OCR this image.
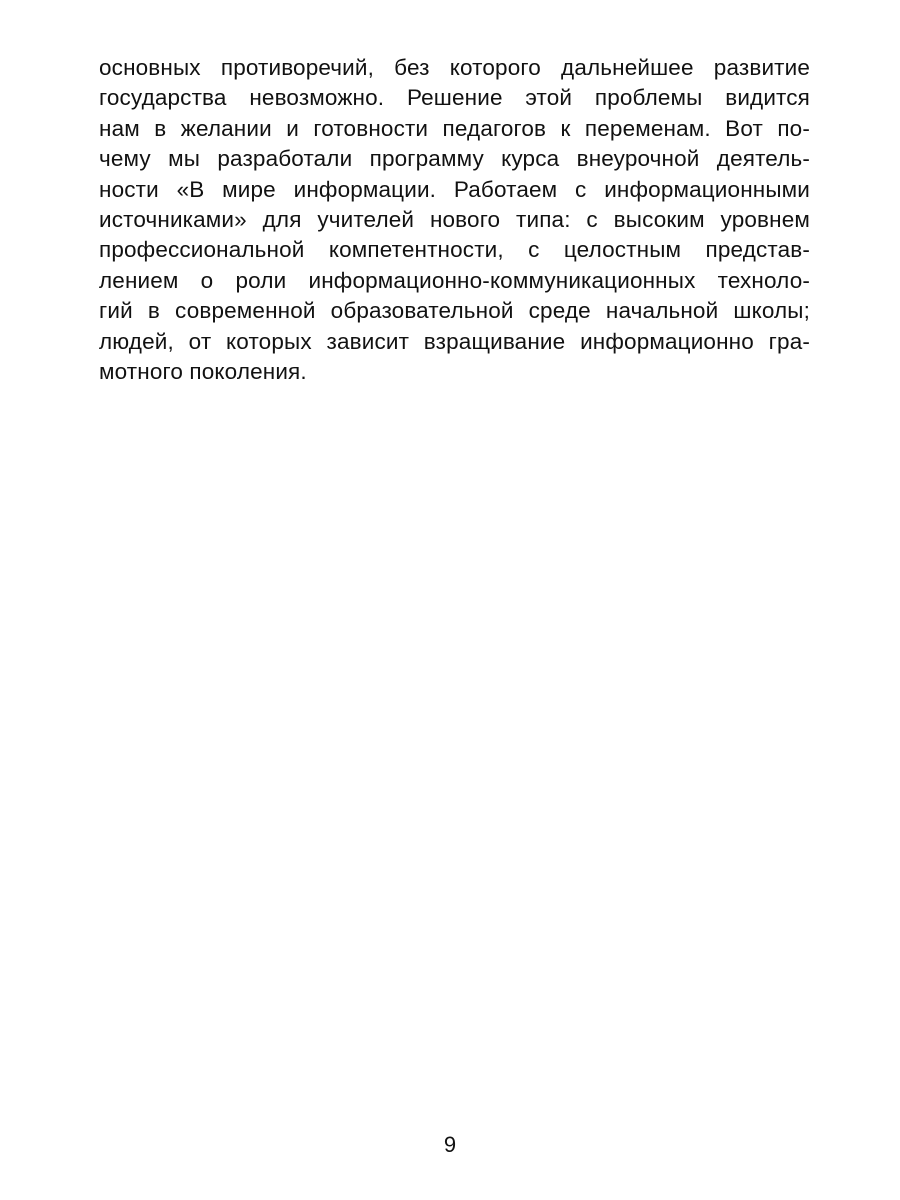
основных противоречий, без которого дальнейшее развитие
государства невозможно. Решение этой проблемы видится
нам в желании и готовности педагогов к переменам. Вот по-
чему мы разработали программу курса внеурочной деятель-
ности «В мире информации. Работаем с информационными
источниками» для учителей нового типа: с высоким уровнем
профессиональной компетентности, с целостным представ-
лением о роли информационно-коммуникационных техноло-
гий в современной образовательной среде начальной школы;
людей, от которых зависит взращивание информационно гра-
мотного поколения.
9
